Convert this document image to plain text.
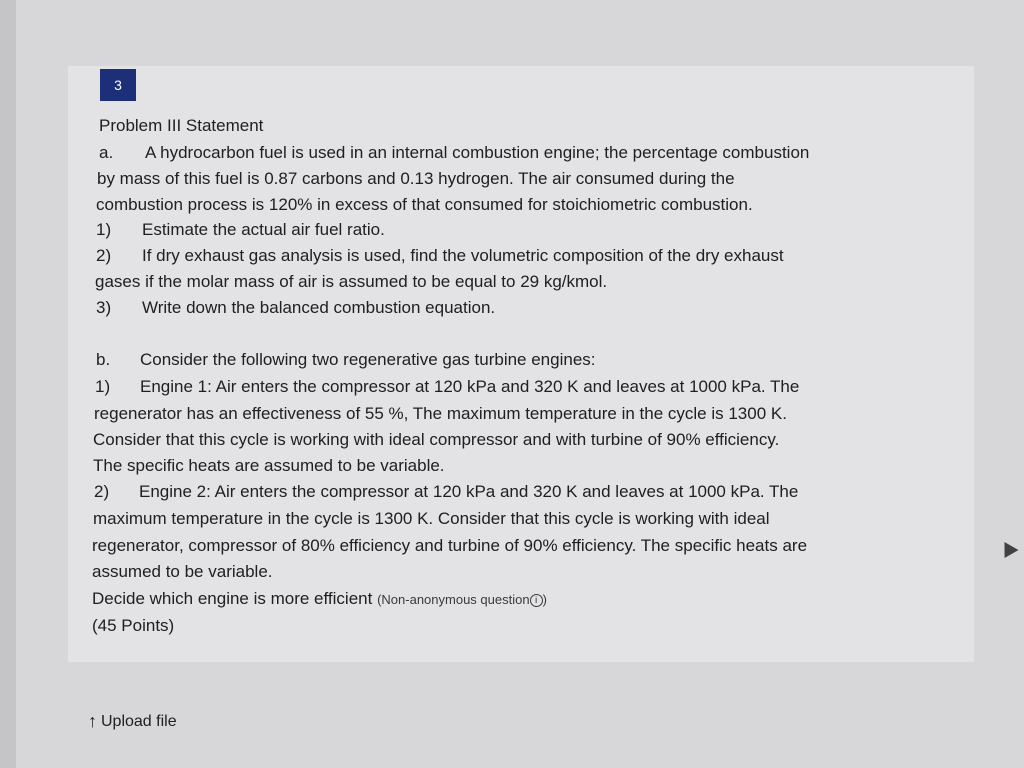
3
Problem III Statement
a. A hydrocarbon fuel is used in an internal combustion engine; the percentage combustion
by mass of this fuel is 0.87 carbons and 0.13 hydrogen. The air consumed during the
combustion process is 120% in excess of that consumed for stoichiometric combustion.
1) Estimate the actual air fuel ratio.
2) If dry exhaust gas analysis is used, find the volumetric composition of the dry exhaust
gases if the molar mass of air is assumed to be equal to 29 kg/kmol.
3) Write down the balanced combustion equation.
b. Consider the following two regenerative gas turbine engines:
1) Engine 1: Air enters the compressor at 120 kPa and 320 K and leaves at 1000 kPa. The
regenerator has an effectiveness of 55 %, The maximum temperature in the cycle is 1300 K.
Consider that this cycle is working with ideal compressor and with turbine of 90% efficiency.
The specific heats are assumed to be variable.
2) Engine 2: Air enters the compressor at 120 kPa and 320 K and leaves at 1000 kPa. The
maximum temperature in the cycle is 1300 K. Consider that this cycle is working with ideal
regenerator, compressor of 80% efficiency and turbine of 90% efficiency. The specific heats are
assumed to be variable.
Decide which engine is more efficient (Non-anonymous question i )
(45 Points)
↑ Upload file
